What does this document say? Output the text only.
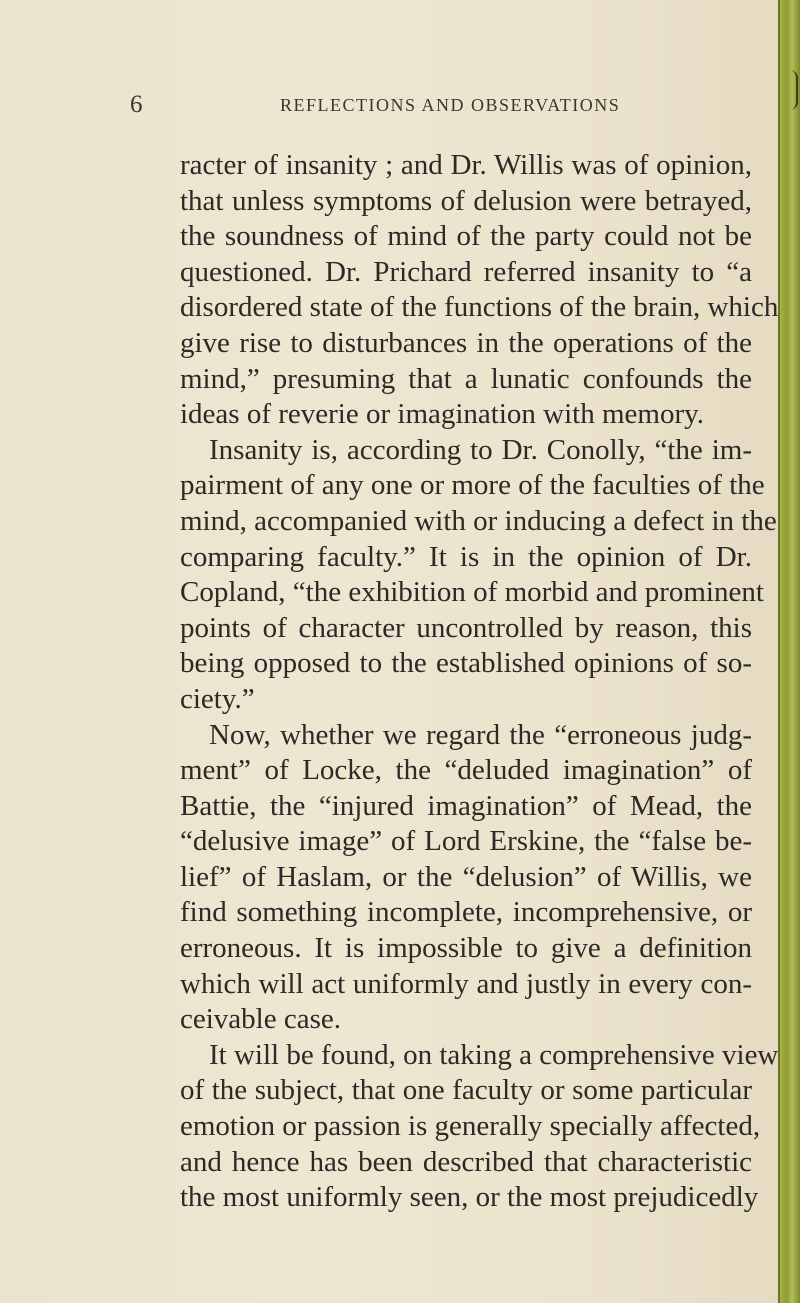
6	REFLECTIONS AND OBSERVATIONS
racter of insanity ; and Dr. Willis was of opinion,
that unless symptoms of delusion were betrayed,
the soundness of mind of the party could not be
questioned. Dr. Prichard referred insanity to “a
disordered state of the functions of the brain, which
give rise to disturbances in the operations of the
mind,” presuming that a lunatic confounds the
ideas of reverie or imagination with memory.
Insanity is, according to Dr. Conolly, “the im-
pairment of any one or more of the faculties of the
mind, accompanied with or inducing a defect in the
comparing faculty.” It is in the opinion of Dr.
Copland, “the exhibition of morbid and prominent
points of character uncontrolled by reason, this
being opposed to the established opinions of so-
ciety.”
Now, whether we regard the “erroneous judg-
ment” of Locke, the “deluded imagination” of
Battie, the “injured imagination” of Mead, the
“delusive image” of Lord Erskine, the “false be-
lief” of Haslam, or the “delusion” of Willis, we
find something incomplete, incomprehensive, or
erroneous. It is impossible to give a definition
which will act uniformly and justly in every con-
ceivable case.
It will be found, on taking a comprehensive view
of the subject, that one faculty or some particular
emotion or passion is generally specially affected,
and hence has been described that characteristic
the most uniformly seen, or the most prejudicedly
